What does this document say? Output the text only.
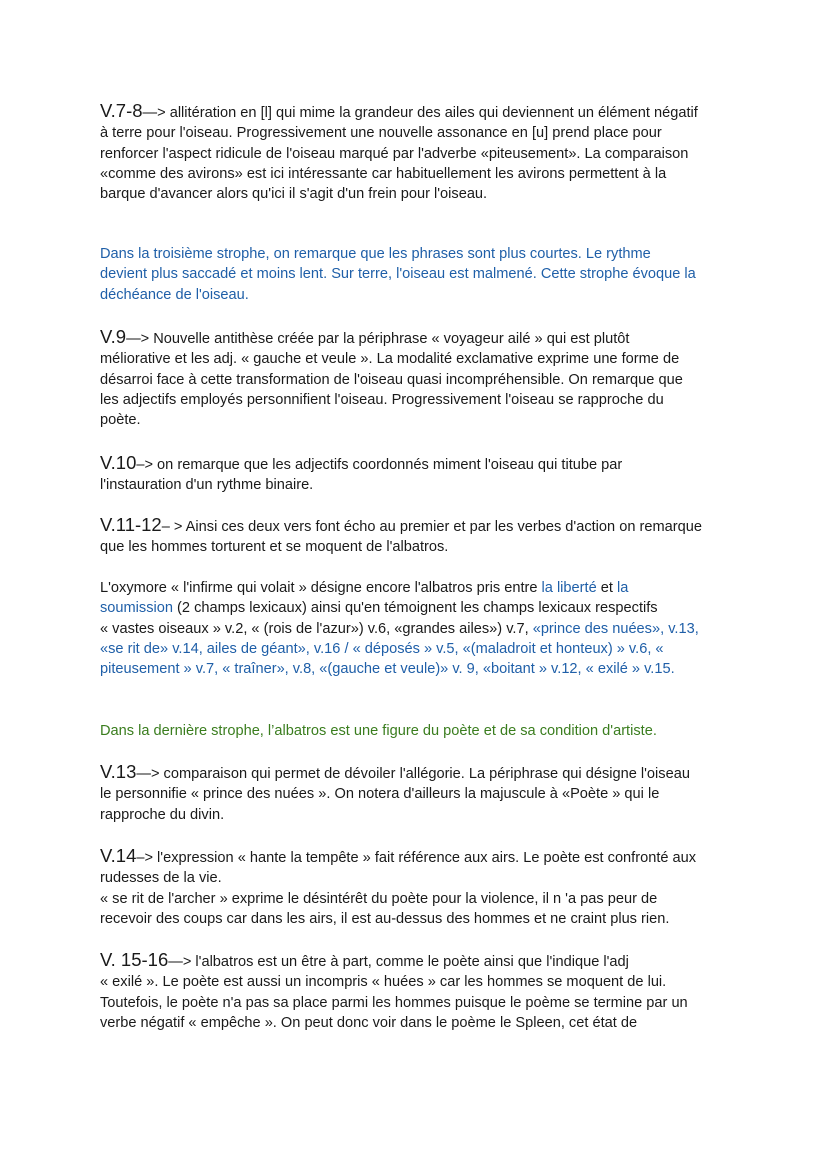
V.7-8—> allitération en [l] qui mime la grandeur des ailes qui deviennent un élément négatif

à terre pour l'oiseau. Progressivement une nouvelle assonance en [u] prend place pour

renforcer l'aspect ridicule de l'oiseau marqué par l'adverbe «piteusement». La comparaison

«comme des avirons» est ici intéressante car habituellement les avirons permettent à la

barque d'avancer alors qu'ici il s'agit d'un frein pour l'oiseau.

Dans la troisième strophe, on remarque que les phrases sont plus courtes. Le rythme

devient plus saccadé et moins lent. Sur terre, l'oiseau est malmené. Cette strophe évoque la

déchéance de l'oiseau.

V.9—> Nouvelle antithèse créée par la périphrase « voyageur ailé » qui est plutôt

méliorative et les adj. « gauche et veule ». La modalité exclamative exprime une forme de

désarroi face à cette transformation de l'oiseau quasi incompréhensible. On remarque que

les adjectifs employés personnifient l'oiseau. Progressivement l'oiseau se rapproche du

poète.

V.10–> on remarque que les adjectifs coordonnés miment l'oiseau qui titube par

l'instauration d'un rythme binaire.

V.11-12– > Ainsi ces deux vers font écho au premier et par les verbes d'action on remarque

que les hommes torturent et se moquent de l'albatros.

L'oxymore « l'infirme qui volait » désigne encore l'albatros pris entre la liberté et la

soumission (2 champs lexicaux) ainsi qu'en témoignent les champs lexicaux respectifs

« vastes oiseaux » v.2, « (rois de l'azur») v.6, «grandes ailes») v.7, «prince des nuées», v.13,

«se rit de» v.14, ailes de géant», v.16 / « déposés » v.5, «(maladroit et honteux) » v.6, «

piteusement » v.7, « traîner», v.8, «(gauche et veule)» v. 9, «boitant » v.12, « exilé » v.15.

Dans la dernière strophe, l’albatros est une figure du poète et de sa condition d'artiste.

V.13—> comparaison qui permet de dévoiler l'allégorie. La périphrase qui désigne l'oiseau

le personnifie « prince des nuées ». On notera d'ailleurs la majuscule à «Poète » qui le

rapproche du divin.

V.14–> l'expression « hante la tempête » fait référence aux airs. Le poète est confronté aux

rudesses de la vie.

« se rit de l'archer » exprime le désintérêt du poète pour la violence, il n 'a pas peur de

recevoir des coups car dans les airs, il est au-dessus des hommes et ne craint plus rien.

V. 15-16—> l'albatros est un être à part, comme le poète ainsi que l'indique l'adj

« exilé ». Le poète est aussi un incompris « huées » car les hommes se moquent de lui.

Toutefois, le poète n'a pas sa place parmi les hommes puisque le poème se termine par un

verbe négatif « empêche ». On peut donc voir dans le poème le Spleen, cet état de
